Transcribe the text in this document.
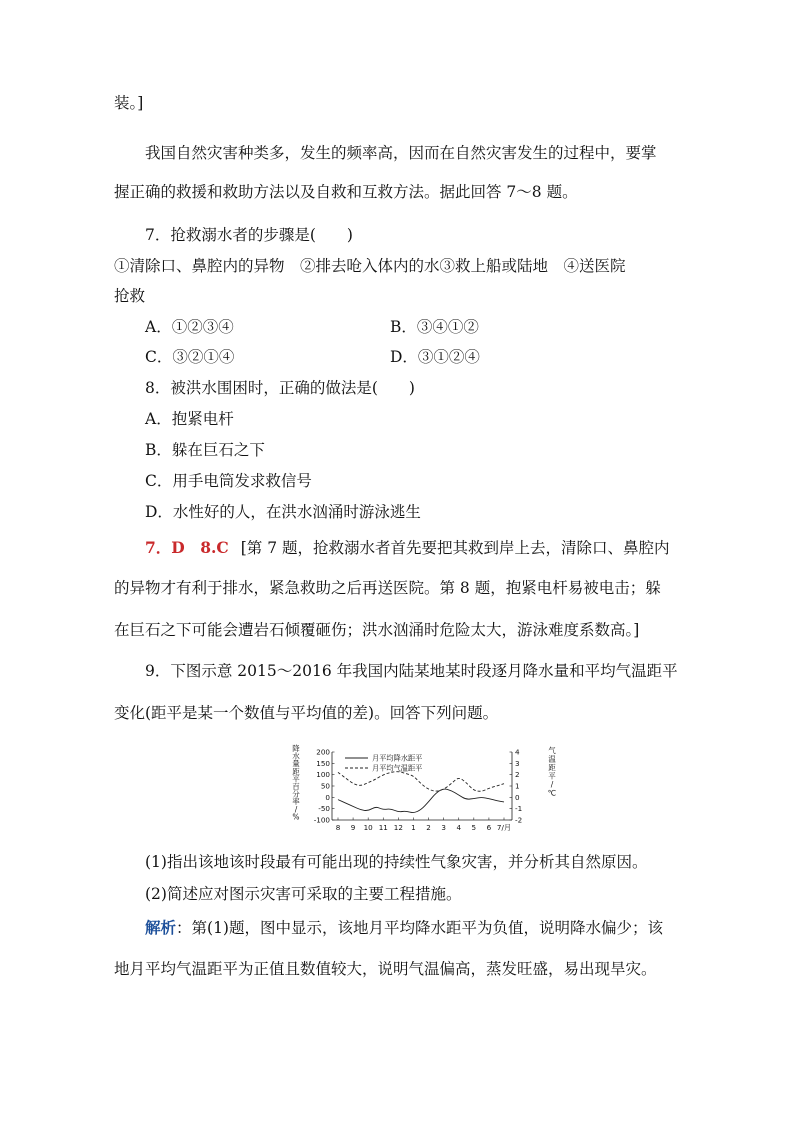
装。]
我国自然灾害种类多，发生的频率高，因而在自然灾害发生的过程中，要掌
握正确的救援和救助方法以及自救和互救方法。据此回答 7～8 题。
7．抢救溺水者的步骤是(　　)
①清除口、鼻腔内的异物　②排去呛入体内的水③救上船或陆地　④送医院
抢救
A．①②③④	B．③④①②
C．③②①④	D．③①②④
8．被洪水围困时，正确的做法是(　　)
A．抱紧电杆
B．躲在巨石之下
C．用手电筒发求救信号
D．水性好的人，在洪水汹涌时游泳逃生
7．D　8.C [第 7 题，抢救溺水者首先要把其救到岸上去，清除口、鼻腔内
的异物才有利于排水，紧急救助之后再送医院。第 8 题，抱紧电杆易被电击；躲
在巨石之下可能会遭岩石倾覆砸伤；洪水汹涌时危险太大，游泳难度系数高。]
9．下图示意 2015～2016 年我国内陆某地某时段逐月降水量和平均气温距平
变化(距平是某一个数值与平均值的差)。回答下列问题。
降
水
量
距
平
百
分
率
/
%
气
温
距
平
/
℃
200
150
100
50
0
-50
-100
4
3
2
1
0
-1
-2
8 9 10 11 12 1 2 3 4 5 6 7/月
月平均降水距平
月平均气温距平
(1)指出该地该时段最有可能出现的持续性气象灾害，并分析其自然原因。
(2)简述应对图示灾害可采取的主要工程措施。
解析：第(1)题，图中显示，该地月平均降水距平为负值，说明降水偏少；该
地月平均气温距平为正值且数值较大，说明气温偏高，蒸发旺盛，易出现旱灾。
